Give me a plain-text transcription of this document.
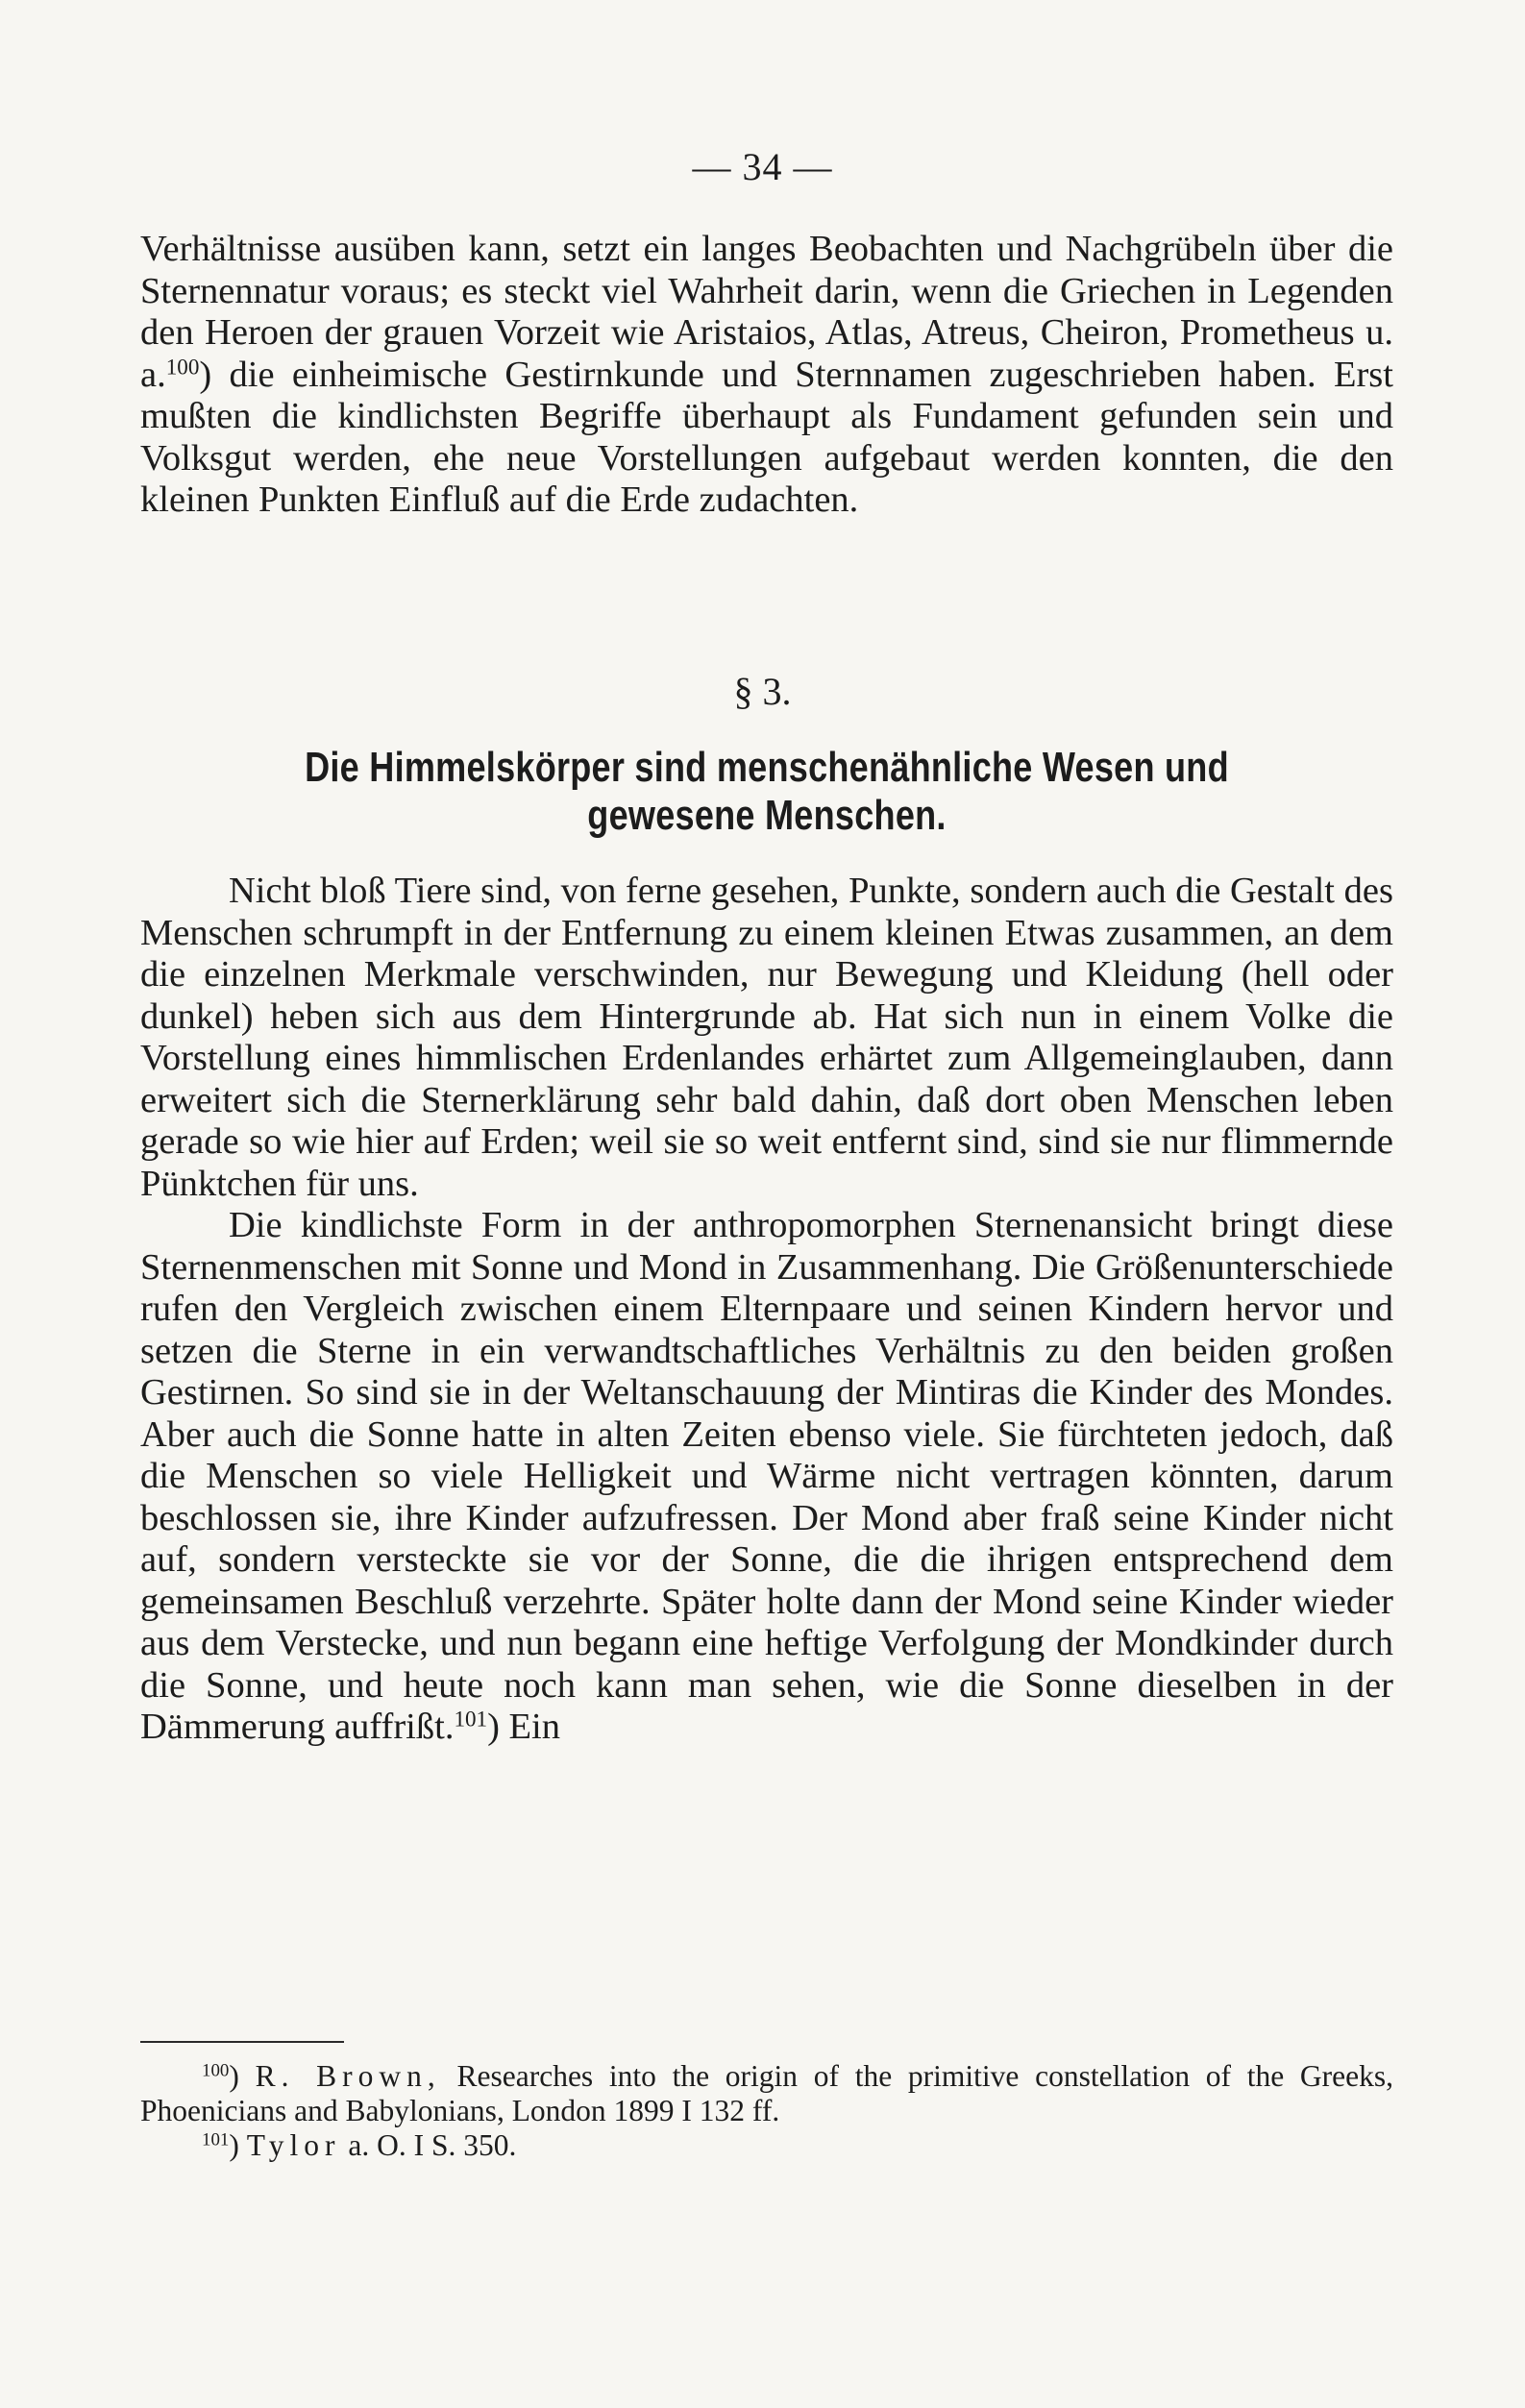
— 34 —

Verhältnisse ausüben kann, setzt ein langes Beobachten und Nachgrübeln über die Sternennatur voraus; es steckt viel Wahrheit darin, wenn die Griechen in Legenden den Heroen der grauen Vorzeit wie Aristaios, Atlas, Atreus, Cheiron, Prometheus u. a.$^{100}$) die einheimische Gestirnkunde und Sternnamen zugeschrieben haben. Erst mußten die kindlichsten Begriffe überhaupt als Fundament gefunden sein und Volksgut werden, ehe neue Vorstellungen aufgebaut werden konnten, die den kleinen Punkten Einfluß auf die Erde zudachten.

§ 3.
Die Himmelskörper sind menschenähnliche Wesen und
gewesene Menschen.

Nicht bloß Tiere sind, von ferne gesehen, Punkte, sondern auch die Gestalt des Menschen schrumpft in der Entfernung zu einem kleinen Etwas zusammen, an dem die einzelnen Merkmale verschwinden, nur Bewegung und Kleidung (hell oder dunkel) heben sich aus dem Hintergrunde ab. Hat sich nun in einem Volke die Vorstellung eines himmlischen Erdenlandes erhärtet zum Allgemeinglauben, dann erweitert sich die Sternerklärung sehr bald dahin, daß dort oben Menschen leben gerade so wie hier auf Erden; weil sie so weit entfernt sind, sind sie nur flimmernde Pünktchen für uns.

Die kindlichste Form in der anthropomorphen Sternenansicht bringt diese Sternenmenschen mit Sonne und Mond in Zusammenhang. Die Größenunterschiede rufen den Vergleich zwischen einem Elternpaare und seinen Kindern hervor und setzen die Sterne in ein verwandtschaftliches Verhältnis zu den beiden großen Gestirnen. So sind sie in der Weltanschauung der Mintiras die Kinder des Mondes. Aber auch die Sonne hatte in alten Zeiten ebenso viele. Sie fürchteten jedoch, daß die Menschen so viele Helligkeit und Wärme nicht vertragen könnten, darum beschlossen sie, ihre Kinder aufzufressen. Der Mond aber fraß seine Kinder nicht auf, sondern versteckte sie vor der Sonne, die die ihrigen entsprechend dem gemeinsamen Beschluß verzehrte. Später holte dann der Mond seine Kinder wieder aus dem Verstecke, und nun begann eine heftige Verfolgung der Mondkinder durch die Sonne, und heute noch kann man sehen, wie die Sonne dieselben in der Dämmerung auffrißt.$^{101}$) Ein

$^{100}$) R. Brown, Researches into the origin of the primitive constellation of the Greeks, Phoenicians and Babylonians, London 1899 I 132 ff.

$^{101}$) Tylor a. O. I S. 350.
